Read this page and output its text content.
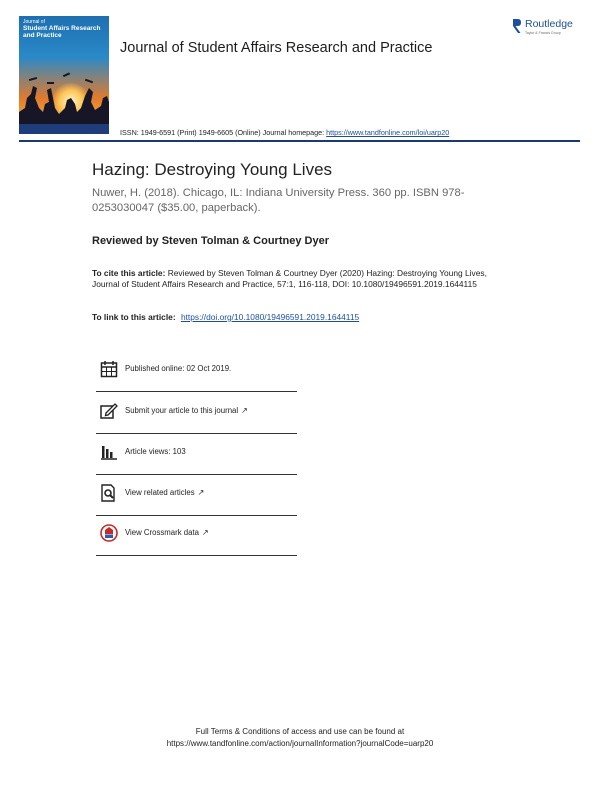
Journal of
Student Affairs Research and Practice
Journal of Student Affairs Research and Practice
Routledge
Taylor & Francis Group
ISSN: 1949-6591 (Print) 1949-6605 (Online) Journal homepage: https://www.tandfonline.com/loi/uarp20
Hazing: Destroying Young Lives
Nuwer, H. (2018). Chicago, IL: Indiana University Press. 360 pp. ISBN 978-0253030047 ($35.00, paperback).
Reviewed by Steven Tolman & Courtney Dyer
To cite this article: Reviewed by Steven Tolman & Courtney Dyer (2020) Hazing: Destroying Young Lives, Journal of Student Affairs Research and Practice, 57:1, 116-118, DOI: 10.1080/19496591.2019.1644115
To link to this article: https://doi.org/10.1080/19496591.2019.1644115
Published online: 02 Oct 2019.
Submit your article to this journal ↗
Article views: 103
View related articles ↗
View Crossmark data ↗
Full Terms & Conditions of access and use can be found at
https://www.tandfonline.com/action/journalInformation?journalCode=uarp20
